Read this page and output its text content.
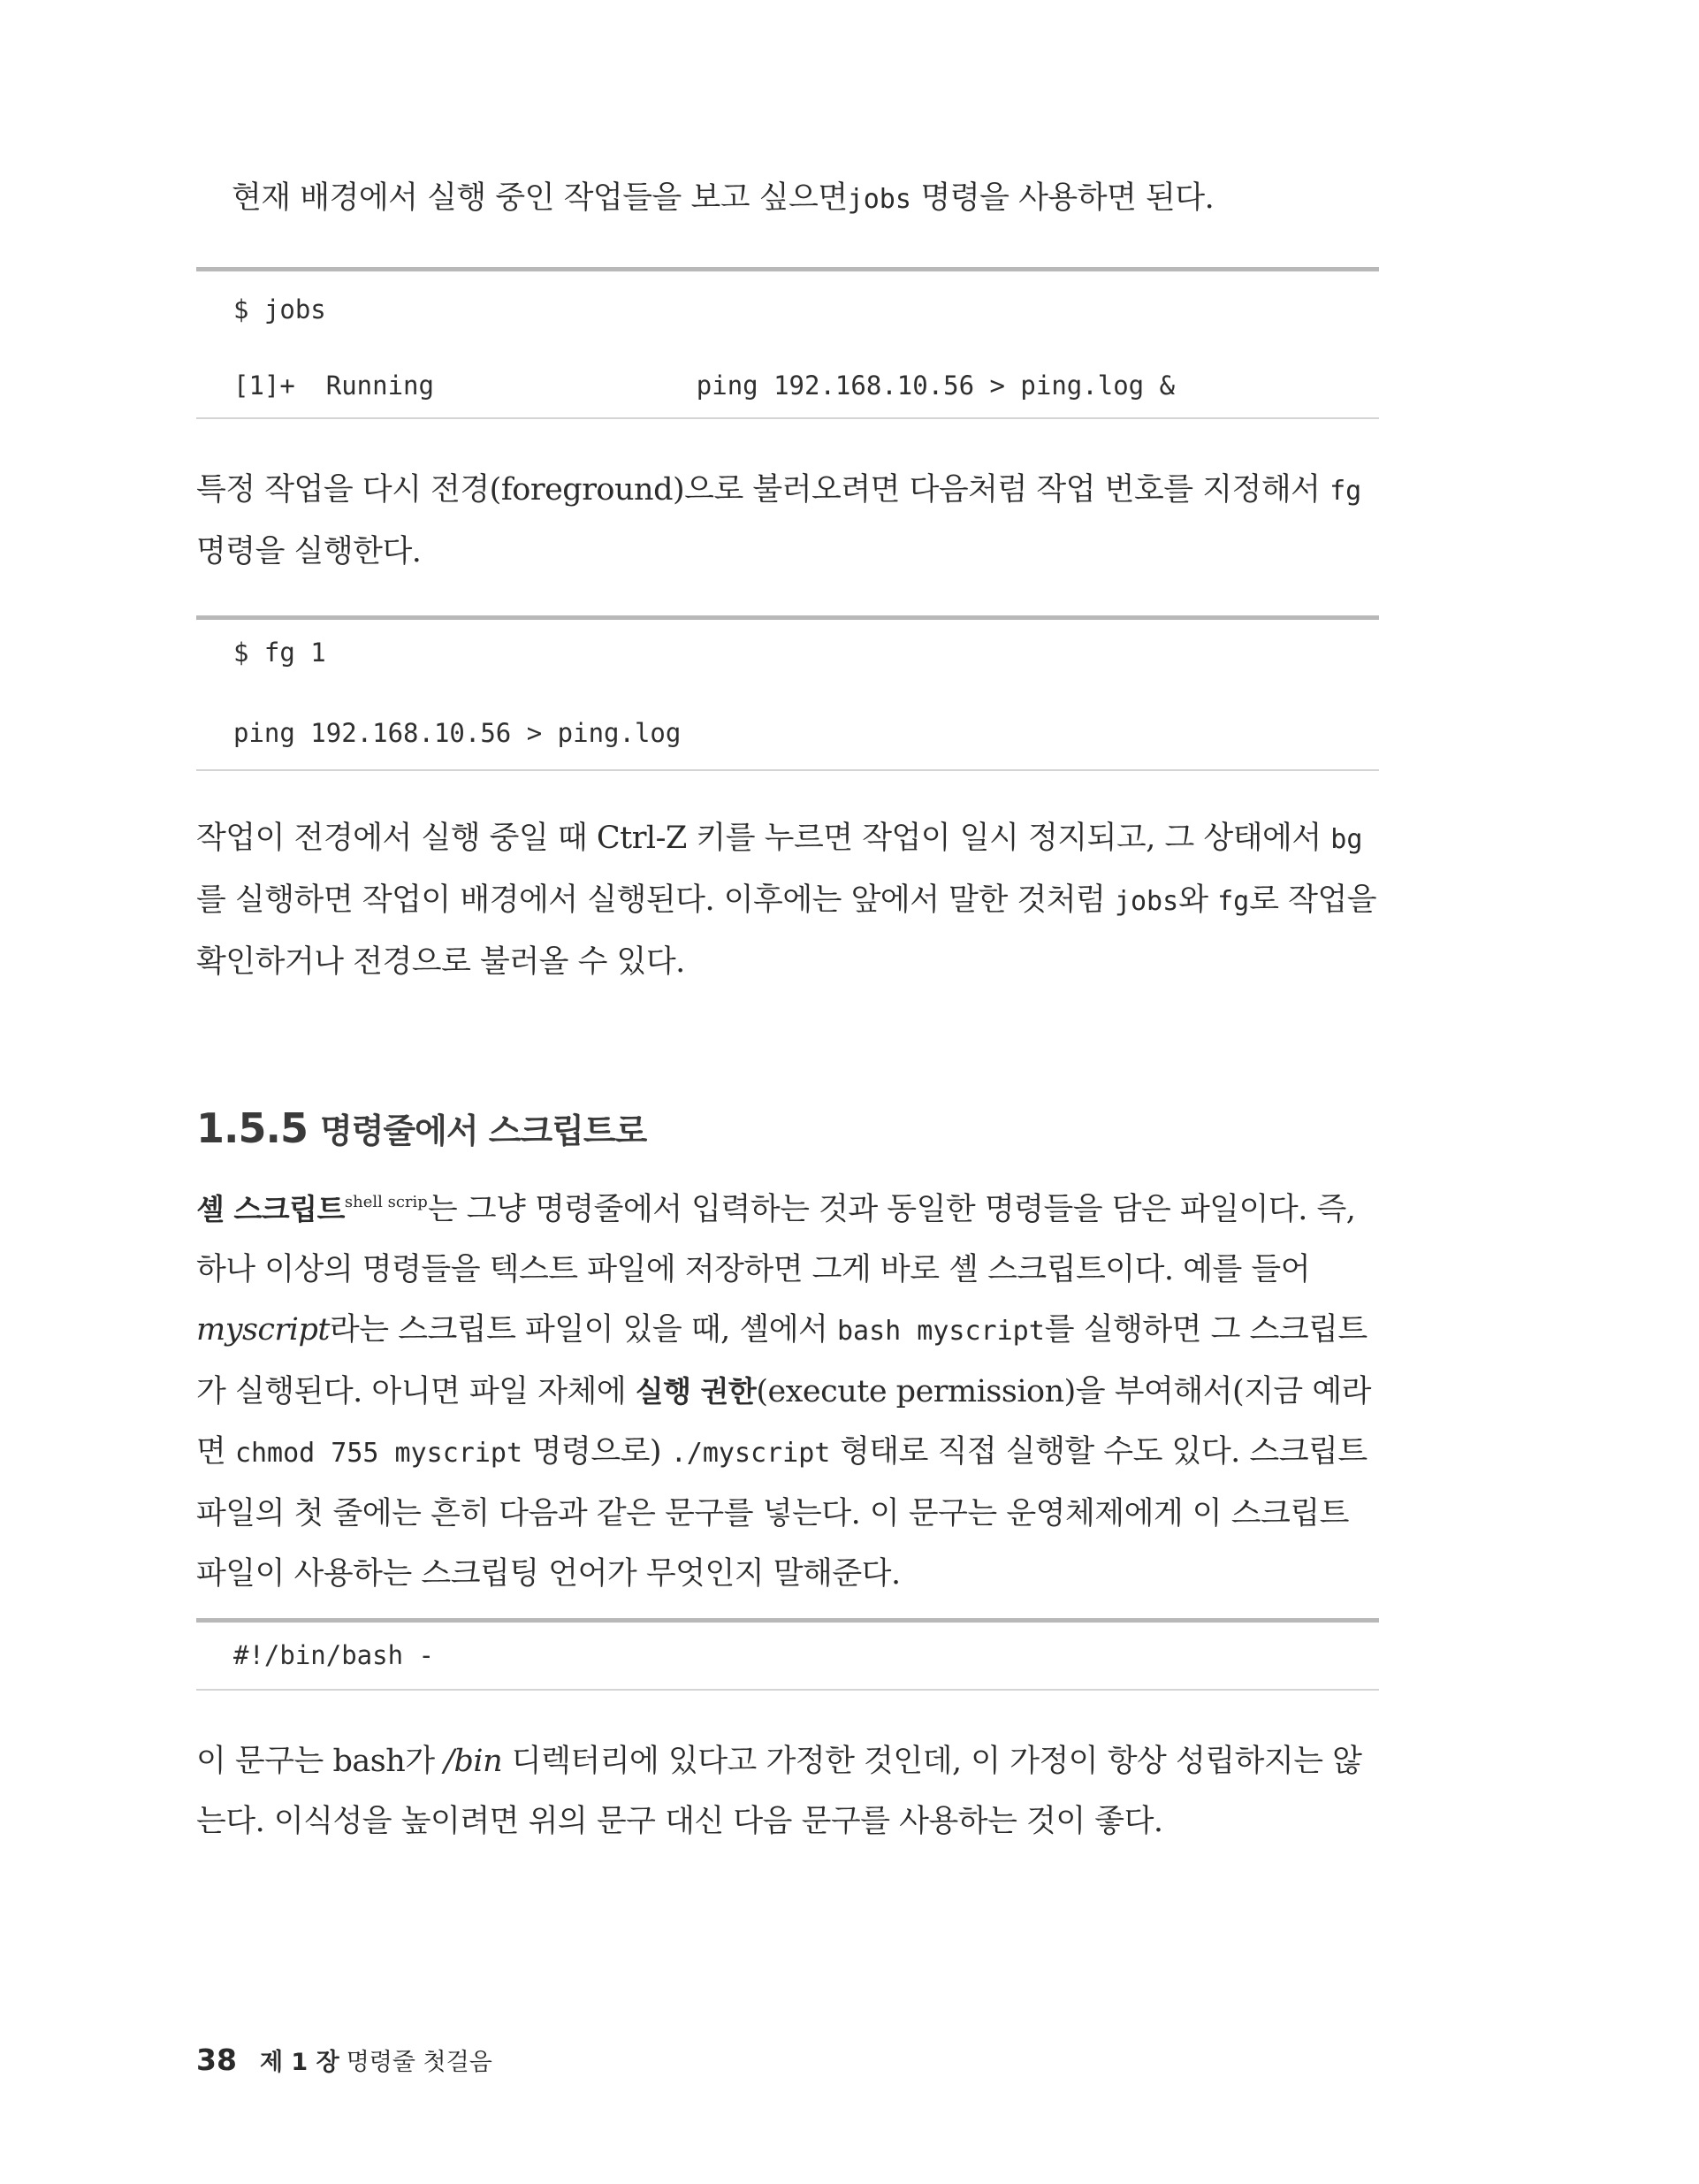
현재 배경에서 실행 중인 작업들을 보고 싶으면jobs 명령을 사용하면 된다.
$ jobs
[1]+  Running                 ping 192.168.10.56 > ping.log &
특정 작업을 다시 전경(foreground)으로 불러오려면 다음처럼 작업 번호를 지정해서 fg 명령을 실행한다.
$ fg 1
ping 192.168.10.56 > ping.log
작업이 전경에서 실행 중일 때 Ctrl-Z 키를 누르면 작업이 일시 정지되고, 그 상태에서 bg를 실행하면 작업이 배경에서 실행된다. 이후에는 앞에서 말한 것처럼 jobs와 fg로 작업을 확인하거나 전경으로 불러올 수 있다.
1.5.5 명령줄에서 스크립트로
셸 스크립트$^{shell scrip}$는 그냥 명령줄에서 입력하는 것과 동일한 명령들을 담은 파일이다. 즉, 하나 이상의 명령들을 텍스트 파일에 저장하면 그게 바로 셸 스크립트이다. 예를 들어myscript라는 스크립트 파일이 있을 때, 셸에서 bash myscript를 실행하면 그 스크립트가 실행된다. 아니면 파일 자체에 실행 권한(execute permission)을 부여해서(지금 예라면 chmod 755 myscript 명령으로) ./myscript 형태로 직접 실행할 수도 있다. 스크립트 파일의 첫 줄에는 흔히 다음과 같은 문구를 넣는다. 이 문구는 운영체제에게 이 스크립트 파일이 사용하는 스크립팅 언어가 무엇인지 말해준다.
#!/bin/bash -
이 문구는 bash가 /bin 디렉터리에 있다고 가정한 것인데, 이 가정이 항상 성립하지는 않는다. 이식성을 높이려면 위의 문구 대신 다음 문구를 사용하는 것이 좋다.
38 제 1 장 명령줄 첫걸음
